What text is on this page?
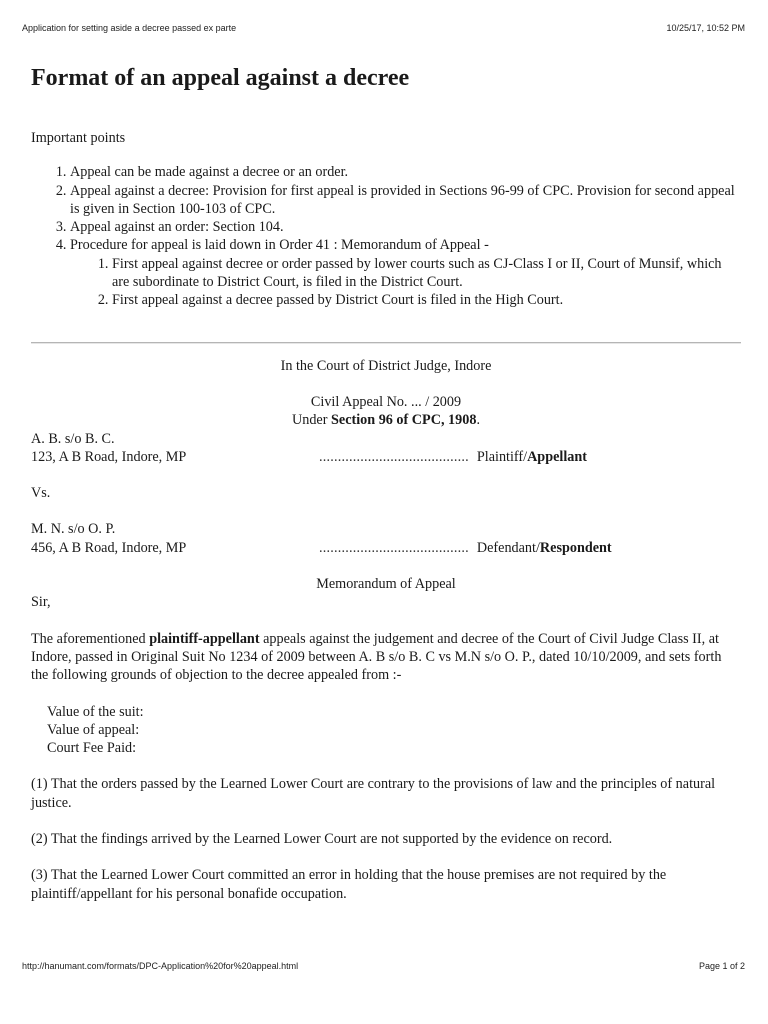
Application for setting aside a decree passed ex parte	10/25/17, 10:52 PM
Format of an appeal against a decree
Important points
1. Appeal can be made against a decree or an order.
2. Appeal against a decree: Provision for first appeal is provided in Sections 96-99 of CPC. Provision for second appeal is given in Section 100-103 of CPC.
3. Appeal against an order: Section 104.
4. Procedure for appeal is laid down in Order 41 : Memorandum of Appeal -
1. First appeal against decree or order passed by lower courts such as CJ-Class I or II, Court of Munsif, which are subordinate to District Court, is filed in the District Court.
2. First appeal against a decree passed by District Court is filed in the High Court.
In the Court of District Judge, Indore
Civil Appeal No. ... / 2009
Under Section 96 of CPC, 1908.
A. B. s/o B. C.
123, A B Road, Indore, MP	........................................ Plaintiff/Appellant
Vs.
M. N. s/o O. P.
456, A B Road, Indore, MP	........................................ Defendant/Respondent
Memorandum of Appeal
Sir,

The aforementioned plaintiff-appellant appeals against the judgement and decree of the Court of Civil Judge Class II, at Indore, passed in Original Suit No 1234 of 2009 between A. B s/o B. C vs M.N s/o O. P., dated 10/10/2009, and sets forth the following grounds of objection to the decree appealed from :-

Value of the suit:
Value of appeal:
Court Fee Paid:

(1) That the orders passed by the Learned Lower Court are contrary to the provisions of law and the principles of natural justice.

(2) That the findings arrived by the Learned Lower Court are not supported by the evidence on record.

(3) That the Learned Lower Court committed an error in holding that the house premises are not required by the plaintiff/appellant for his personal bonafide occupation.

http://hanumant.com/formats/DPC-Application%20for%20appeal.html	Page 1 of 2
